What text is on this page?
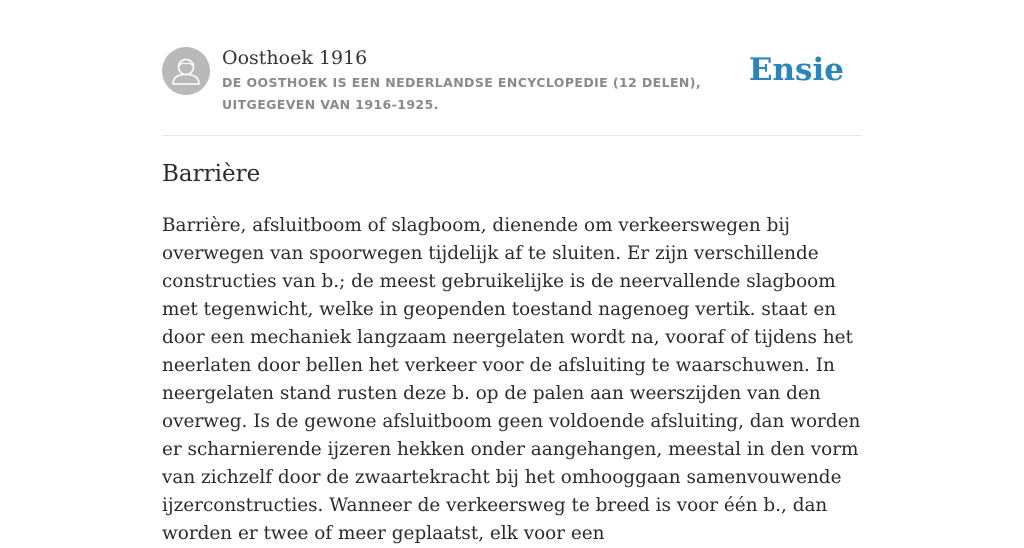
Oosthoek 1916
DE OOSTHOEK IS EEN NEDERLANDSE ENCYCLOPEDIE (12 DELEN), UITGEGEVEN VAN 1916-1925.
Ensie
Barrière

Barrière, afsluitboom of slagboom, dienende om verkeerswegen bij overwegen van spoorwegen tijdelijk af te sluiten. Er zijn verschillende constructies van b.; de meest gebruikelijke is de neervallende slagboom met tegenwicht, welke in geopenden toestand nagenoeg vertik. staat en door een mechaniek langzaam neergelaten wordt na, vooraf of tijdens het neerlaten door bellen het verkeer voor de afsluiting te waarschuwen. In neergelaten stand rusten deze b. op de palen aan weerszijden van den overweg. Is de gewone afsluitboom geen voldoende afsluiting, dan worden er scharnierende ijzeren hekken onder aangehangen, meestal in den vorm van zichzelf door de zwaartekracht bij het omhooggaan samenvouwende ijzerconstructies. Wanneer de verkeersweg te breed is voor één b., dan worden er twee of meer geplaatst, elk voor een
